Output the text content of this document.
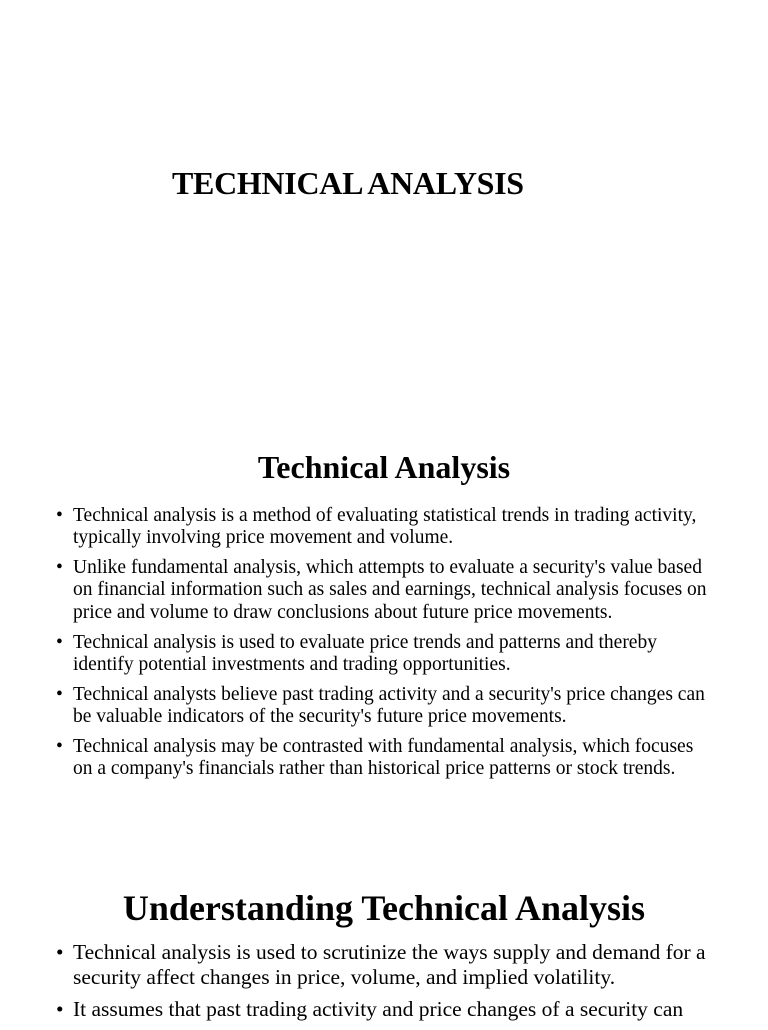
TECHNICAL ANALYSIS
Technical Analysis
• Technical analysis is a method of evaluating statistical trends in trading activity, typically involving price movement and volume.
• Unlike fundamental analysis, which attempts to evaluate a security's value based on financial information such as sales and earnings, technical analysis focuses on price and volume to draw conclusions about future price movements.
• Technical analysis is used to evaluate price trends and patterns and thereby identify potential investments and trading opportunities.
• Technical analysts believe past trading activity and a security's price changes can be valuable indicators of the security's future price movements.
• Technical analysis may be contrasted with fundamental analysis, which focuses on a company's financials rather than historical price patterns or stock trends.
Understanding Technical Analysis
• Technical analysis is used to scrutinize the ways supply and demand for a security affect changes in price, volume, and implied volatility.
• It assumes that past trading activity and price changes of a security can
